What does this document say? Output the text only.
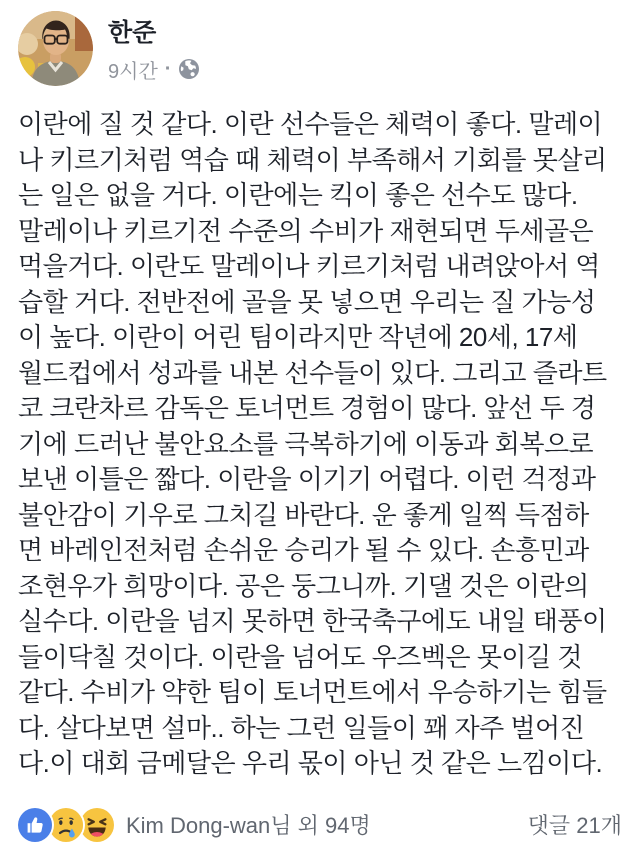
한준
9시간 ·
이란에 질 것 같다. 이란 선수들은 체력이 좋다. 말레이
나 키르기처럼 역습 때 체력이 부족해서 기회를 못살리
는 일은 없을 거다. 이란에는 킥이 좋은 선수도 많다.
말레이나 키르기전 수준의 수비가 재현되면 두세골은
먹을거다. 이란도 말레이나 키르기처럼 내려앉아서 역
습할 거다. 전반전에 골을 못 넣으면 우리는 질 가능성
이 높다. 이란이 어린 팀이라지만 작년에 20세, 17세
월드컵에서 성과를 내본 선수들이 있다. 그리고 즐라트
코 크란차르 감독은 토너먼트 경험이 많다. 앞선 두 경
기에 드러난 불안요소를 극복하기에 이동과 회복으로
보낸 이틀은 짧다. 이란을 이기기 어렵다. 이런 걱정과
불안감이 기우로 그치길 바란다. 운 좋게 일찍 득점하
면 바레인전처럼 손쉬운 승리가 될 수 있다. 손흥민과
조현우가 희망이다. 공은 둥그니까. 기댈 것은 이란의
실수다. 이란을 넘지 못하면 한국축구에도 내일 태풍이
들이닥칠 것이다. 이란을 넘어도 우즈벡은 못이길 것
같다. 수비가 약한 팀이 토너먼트에서 우승하기는 힘들
다. 살다보면 설마.. 하는 그런 일들이 꽤 자주 벌어진
다.이 대회 금메달은 우리 몫이 아닌 것 같은 느낌이다.
Kim Dong-wan님 외 94명	댓글 21개
